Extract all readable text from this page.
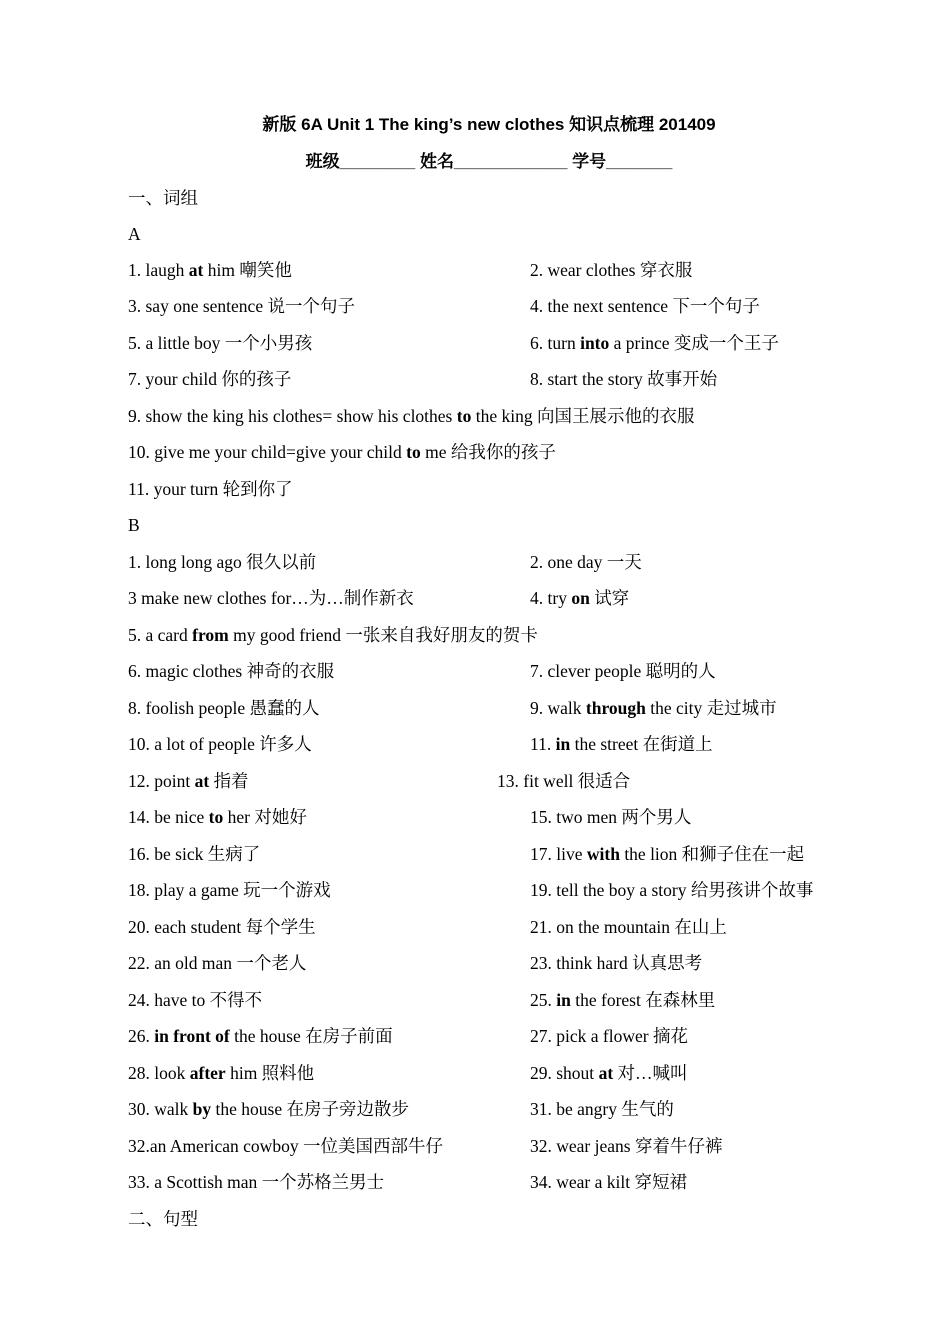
新版 6A Unit 1 The king’s new clothes 知识点梳理 201409
班级________ 姓名____________ 学号_______
一、词组
A
1. laugh at him 嘲笑他	2. wear clothes 穿衣服
3. say one sentence 说一个句子	4. the next sentence 下一个句子
5. a little boy 一个小男孩	6. turn into a prince 变成一个王子
7. your child 你的孩子	8. start the story 故事开始
9. show the king his clothes= show his clothes to the king 向国王展示他的衣服
10. give me your child=give your child to me 给我你的孩子
11. your turn 轮到你了
B
1. long long ago 很久以前	2. one day 一天
3 make new clothes for…为…制作新衣	4. try on 试穿
5. a card from my good friend 一张来自我好朋友的贺卡
6. magic clothes 神奇的衣服	7. clever people 聪明的人
8. foolish people 愚蠢的人	9. walk through the city 走过城市
10. a lot of people 许多人	11. in the street 在街道上
12. point at 指着	13. fit well 很适合
14. be nice to her 对她好	15. two men 两个男人
16. be sick 生病了	17. live with the lion 和狮子住在一起
18. play a game 玩一个游戏	19. tell the boy a story 给男孩讲个故事
20. each student 每个学生	21. on the mountain 在山上
22. an old man 一个老人	23. think hard 认真思考
24. have to 不得不	25. in the forest 在森林里
26. in front of the house 在房子前面	27. pick a flower 摘花
28. look after him 照料他	29. shout at 对…喊叫
30. walk by the house 在房子旁边散步	31. be angry 生气的
32.an American cowboy 一位美国西部牛仔	32. wear jeans 穿着牛仔裤
33. a Scottish man 一个苏格兰男士	34. wear a kilt 穿短裙
二、句型
